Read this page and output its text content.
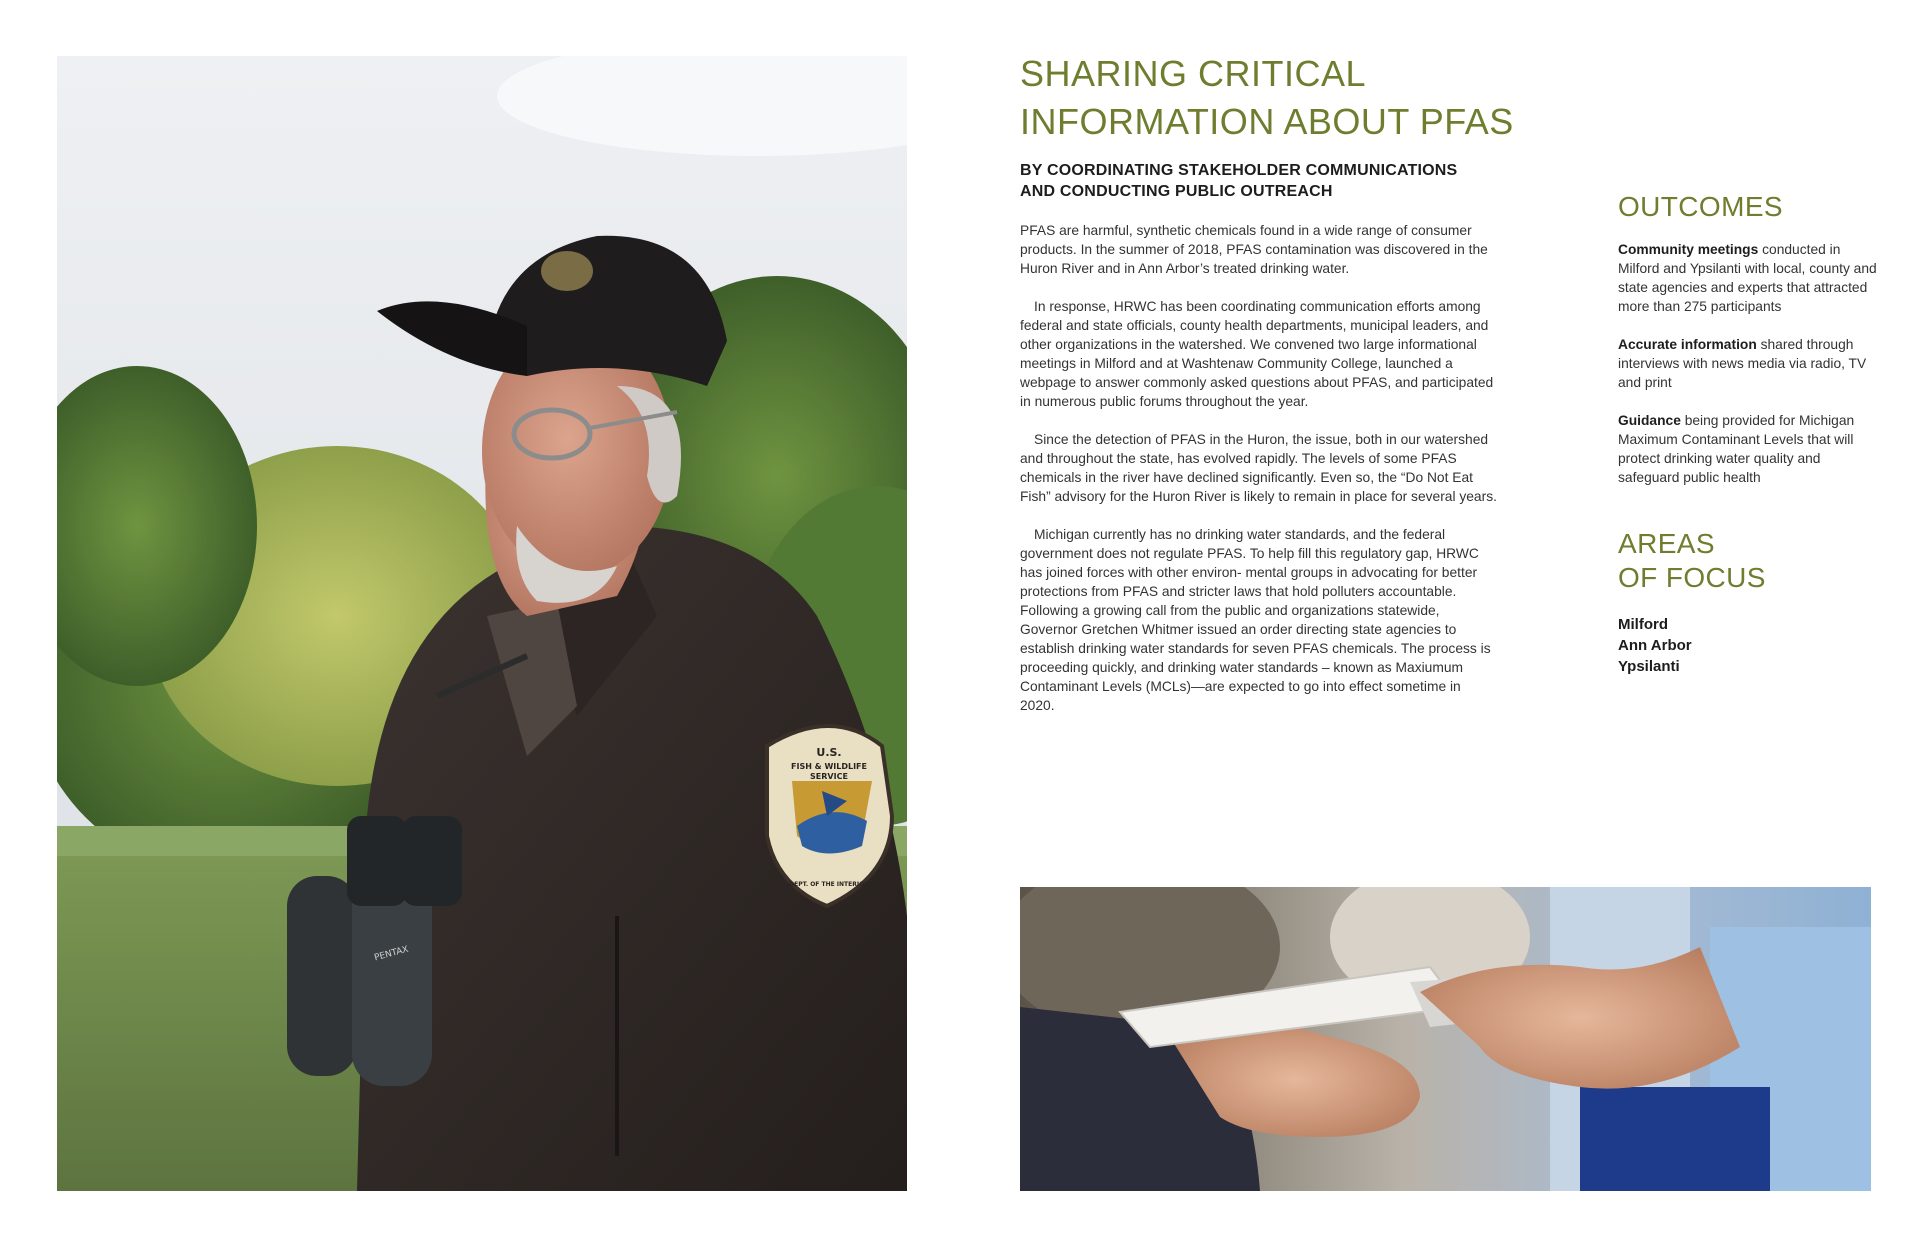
U.S.
FISH & WILDLIFE
SERVICE
DEPT. OF THE INTERIOR
PENTAX
SHARING CRITICAL
INFORMATION ABOUT PFAS
BY COORDINATING STAKEHOLDER COMMUNICATIONS
AND CONDUCTING PUBLIC OUTREACH

PFAS are harmful, synthetic chemicals found in a wide range of consumer products. In the summer of 2018, PFAS contamination was discovered in the Huron River and in Ann Arbor’s treated drinking water.

In response, HRWC has been coordinating communication efforts among federal and state officials, county health departments, municipal leaders, and other organizations in the watershed. We convened two large informational meetings in Milford and at Washtenaw Community College, launched a webpage to answer commonly asked questions about PFAS, and participated in numerous public forums throughout the year.

Since the detection of PFAS in the Huron, the issue, both in our watershed and throughout the state, has evolved rapidly. The levels of some PFAS chemicals in the river have declined significantly. Even so, the “Do Not Eat Fish” advisory for the Huron River is likely to remain in place for several years.

Michigan currently has no drinking water standards, and the federal government does not regulate PFAS. To help fill this regulatory gap, HRWC has joined forces with other environ- mental groups in advocating for better protections from PFAS and stricter laws that hold polluters accountable. Following a growing call from the public and organizations statewide, Governor Gretchen Whitmer issued an order directing state agencies to establish drinking water standards for seven PFAS chemicals. The process is proceeding quickly, and drinking water standards – known as Maxiumum Contaminant Levels (MCLs)—are expected to go into effect sometime in 2020.

OUTCOMES

Community meetings conducted in Milford and Ypsilanti with local, county and state agencies and experts that attracted more than 275 participants

Accurate information shared through interviews with news media via radio, TV and print

Guidance being provided for Michigan Maximum Contaminant Levels that will protect drinking water quality and safeguard public health

AREAS
OF FOCUS
Milford
Ann Arbor
Ypsilanti
